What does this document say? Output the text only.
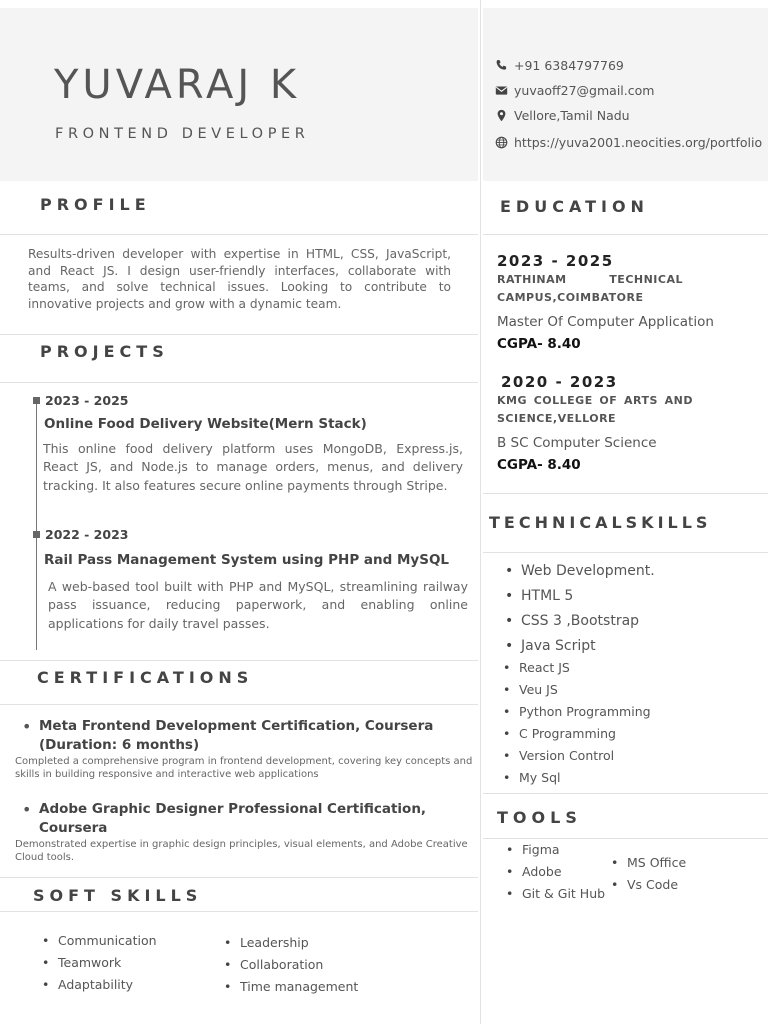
YUVARAJ K
FRONTEND DEVELOPER
+91 6384797769
yuvaoff27@gmail.com
Vellore,Tamil Nadu
https://yuva2001.neocities.org/portfolio
PROFILE
Results-driven developer with expertise in HTML, CSS, JavaScript, and React JS. I design user-friendly interfaces, collaborate with teams, and solve technical issues. Looking to contribute to innovative projects and grow with a dynamic team.
PROJECTS
2023 - 2025
Online Food Delivery Website(Mern Stack)
This online food delivery platform uses MongoDB, Express.js, React JS, and Node.js to manage orders, menus, and delivery tracking. It also features secure online payments through Stripe.
2022 - 2023
Rail Pass Management System using PHP and MySQL
A web-based tool built with PHP and MySQL, streamlining railway pass issuance, reducing paperwork, and enabling online applications for daily travel passes.
CERTIFICATIONS
• Meta Frontend Development Certification, Coursera (Duration: 6 months)
Completed a comprehensive program in frontend development, covering key concepts and skills in building responsive and interactive web applications
• Adobe Graphic Designer Professional Certification, Coursera
Demonstrated expertise in graphic design principles, visual elements, and Adobe Creative Cloud tools.
SOFT SKILLS
• Communication
• Teamwork
• Adaptability
• Leadership
• Collaboration
• Time management
EDUCATION
2023 - 2025
RATHINAM TECHNICAL CAMPUS,COIMBATORE
Master Of Computer Application
CGPA- 8.40
2020 - 2023
KMG COLLEGE OF ARTS AND SCIENCE,VELLORE
B SC Computer Science
CGPA- 8.40
TECHNICALSKILLS
• Web Development.
• HTML 5
• CSS 3 ,Bootstrap
• Java Script
• React JS
• Veu JS
• Python Programming
• C Programming
• Version Control
• My Sql
TOOLS
• Figma
• Adobe
• Git & Git Hub
• MS Office
• Vs Code
